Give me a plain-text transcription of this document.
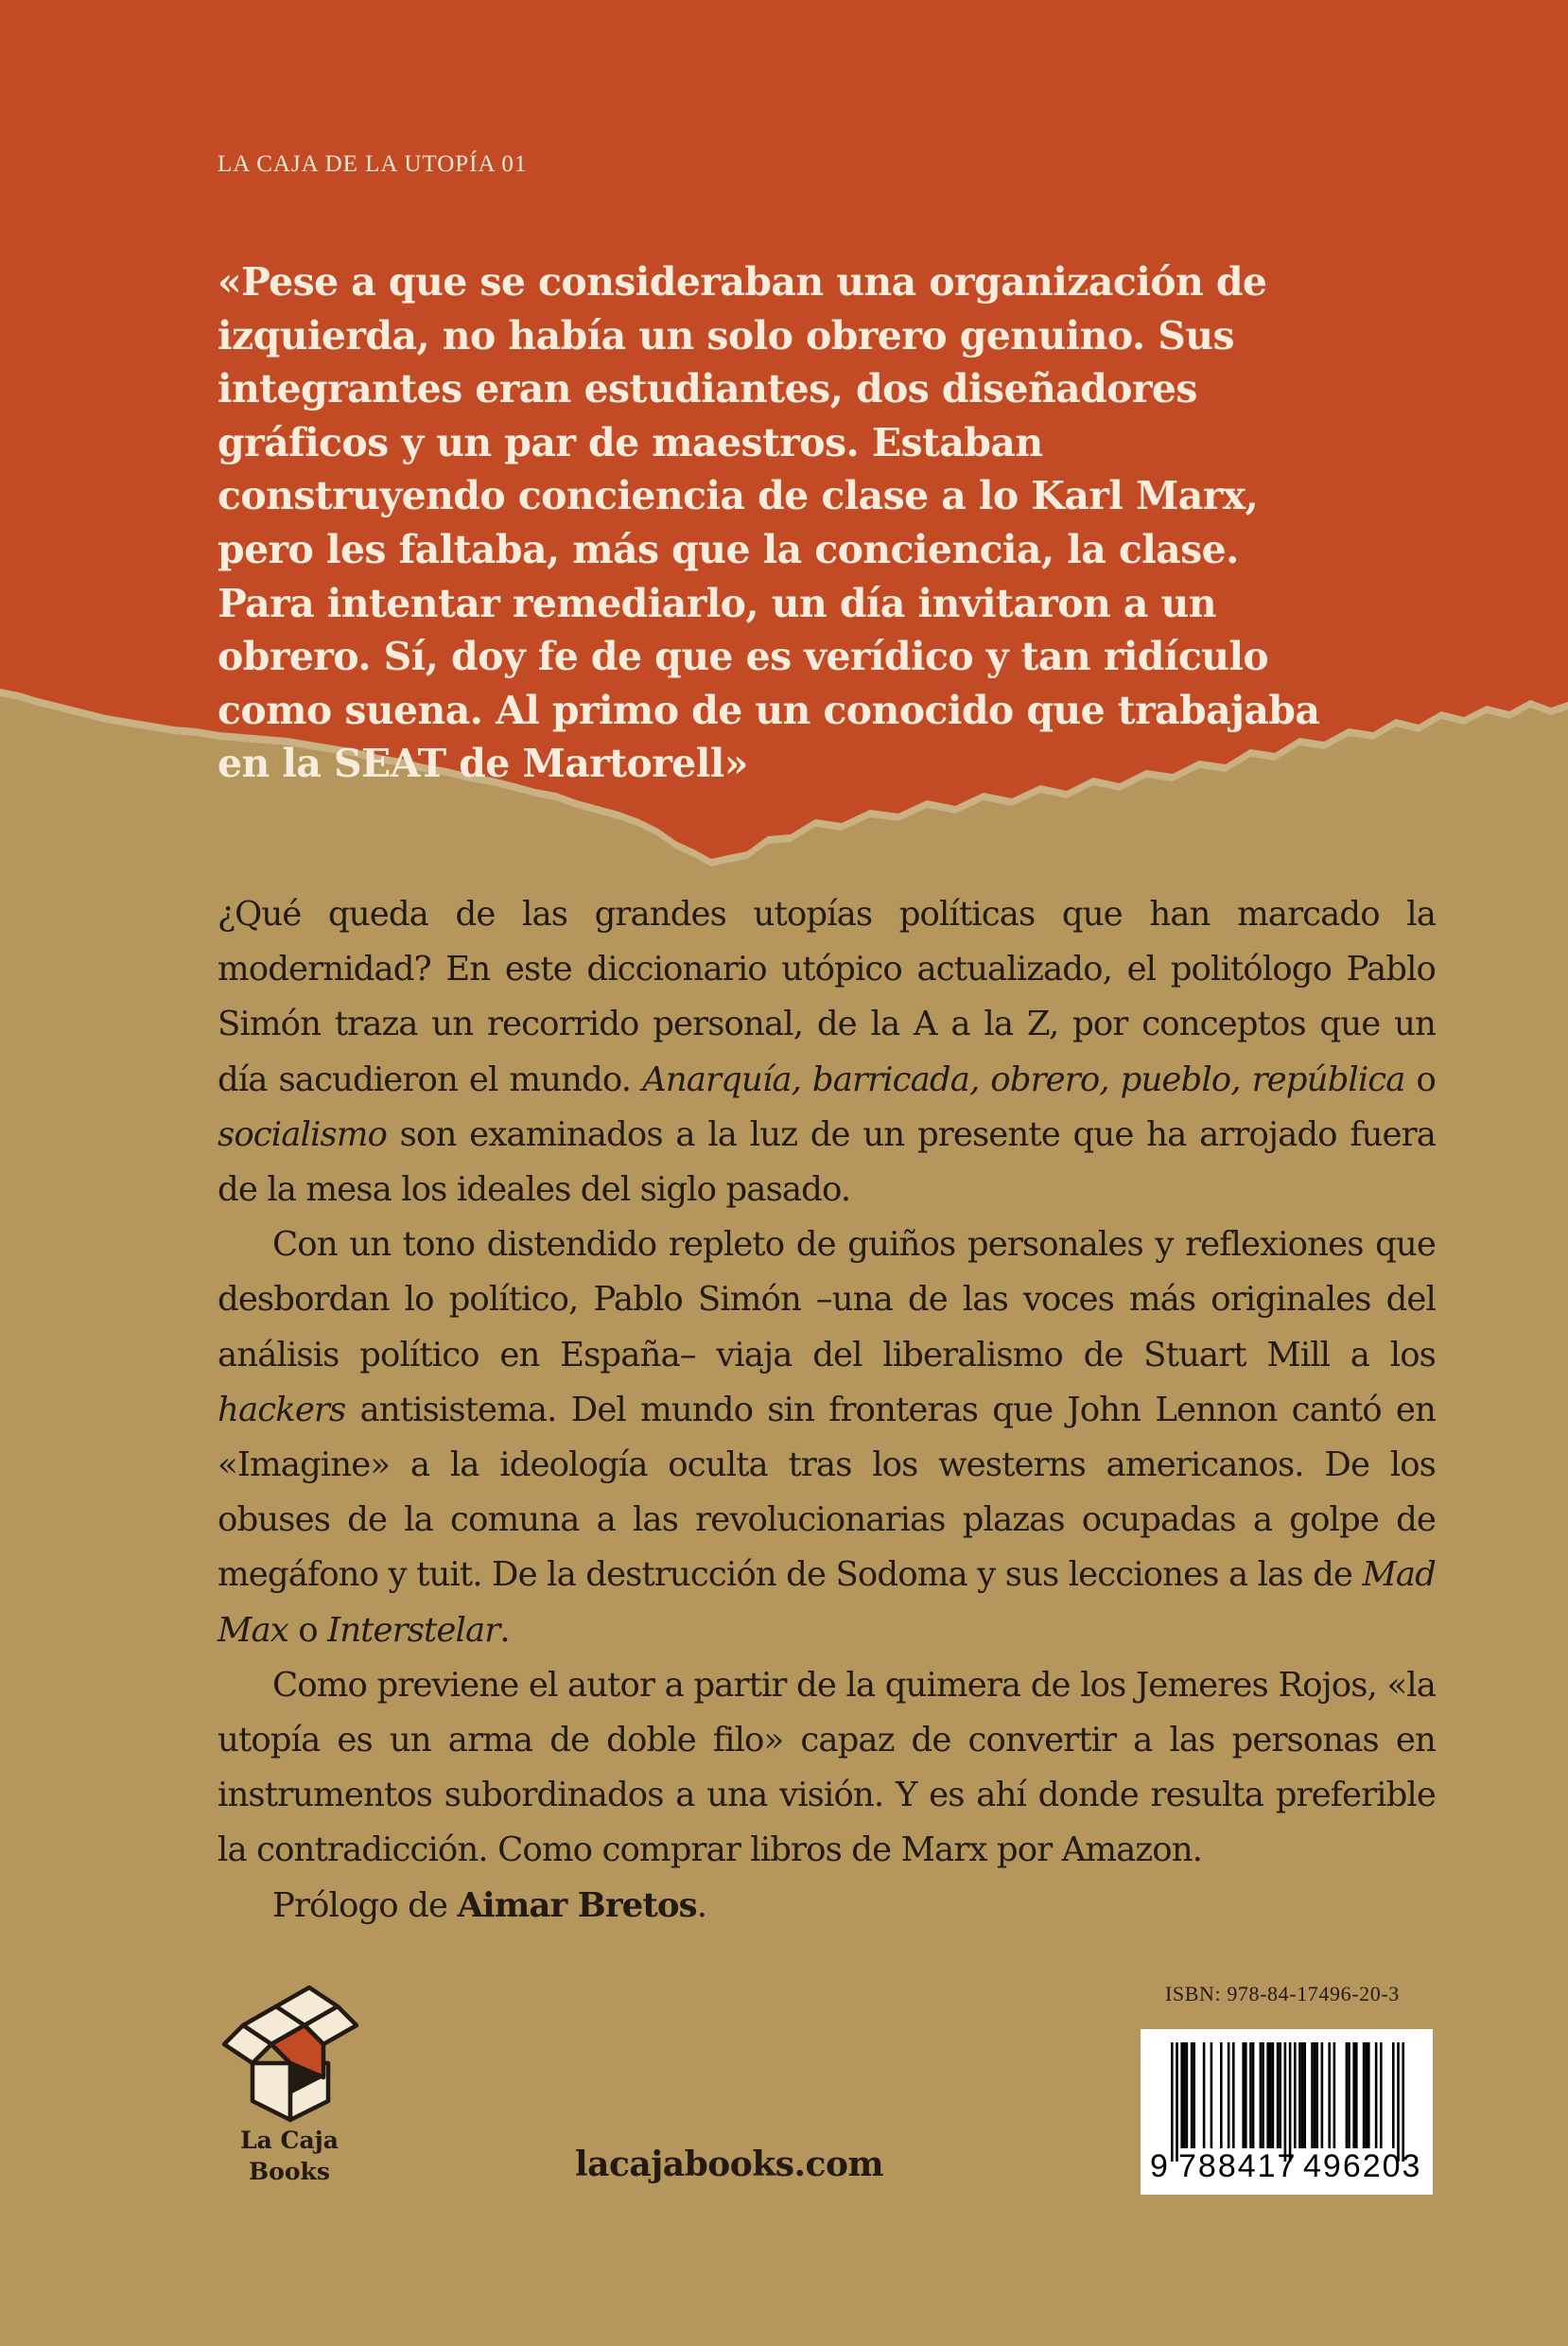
LA CAJA DE LA UTOPÍA 01
«Pese a que se consideraban una organización de izquierda, no había un solo obrero genuino. Sus integrantes eran estudiantes, dos diseñadores gráficos y un par de maestros. Estaban construyendo conciencia de clase a lo Karl Marx, pero les faltaba, más que la conciencia, la clase. Para intentar remediarlo, un día invitaron a un obrero. Sí, doy fe de que es verídico y tan ridículo como suena. Al primo de un conocido que trabajaba en la SEAT de Martorell»

¿Qué queda de las grandes utopías políticas que han marcado la modernidad? En este diccionario utópico actualizado, el politólogo Pablo Simón traza un recorrido personal, de la A a la Z, por conceptos que un día sacudieron el mundo. Anarquía, barricada, obrero, pueblo, república o socialismo son examinados a la luz de un presente que ha arrojado fuera de la mesa los ideales del siglo pasado.

Con un tono distendido repleto de guiños personales y reflexiones que desbordan lo político, Pablo Simón –una de las voces más originales del análisis político en España– viaja del liberalismo de Stuart Mill a los hackers antisistema. Del mundo sin fronteras que John Lennon cantó en «Imagine» a la ideología oculta tras los westerns americanos. De los obuses de la comuna a las revolucionarias plazas ocupadas a golpe de megáfono y tuit. De la destrucción de Sodoma y sus lecciones a las de Mad Max o Interstelar.

Como previene el autor a partir de la quimera de los Jemeres Rojos, «la utopía es un arma de doble filo» capaz de convertir a las personas en instrumentos subordinados a una visión. Y es ahí donde resulta preferible la contradicción. Como comprar libros de Marx por Amazon.

Prólogo de Aimar Bretos.

La Caja
Books	lacajabooks.com
ISBN: 978-84-17496-20-3
9 788417 496203
